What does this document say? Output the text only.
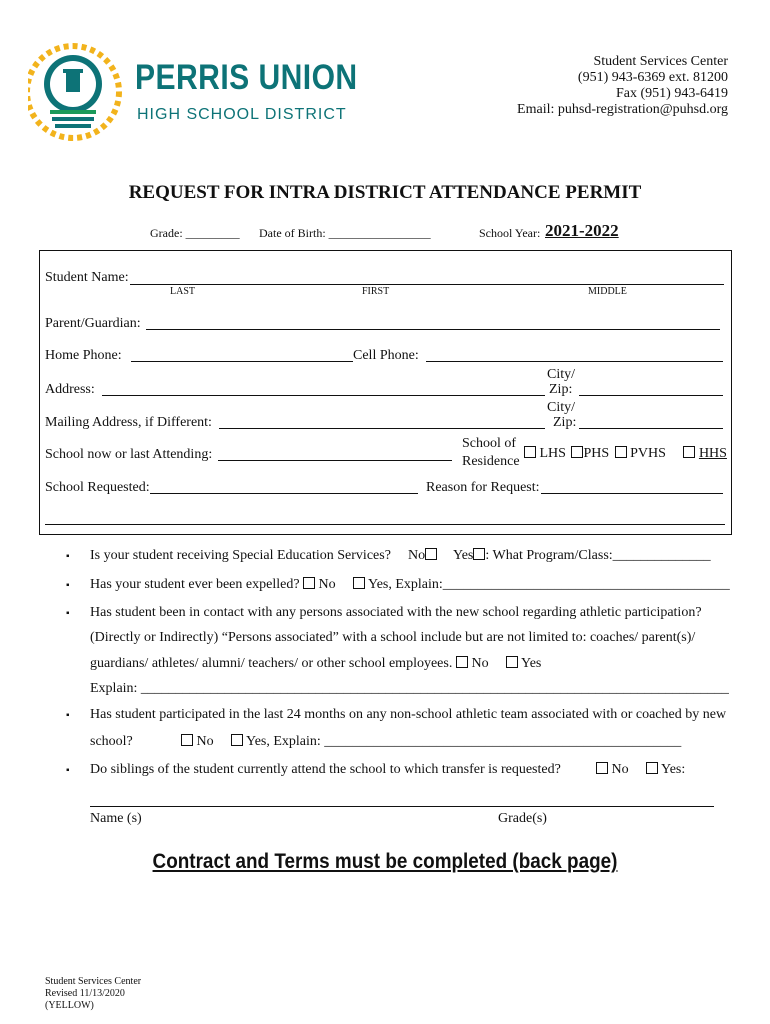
PERRIS UNION
HIGH SCHOOL DISTRICT
Student Services Center
(951) 943-6369 ext. 81200
Fax (951) 943-6419
Email: puhsd-registration@puhsd.org
REQUEST FOR INTRA DISTRICT ATTENDANCE PERMIT
Grade: _________ Date of Birth: _________________	School Year: 2021-2022
Student Name:
LAST	FIRST	MIDDLE
Parent/Guardian:
Home Phone:	Cell Phone:
Address:
City/
Zip:
Mailing Address, if Different:
City/
Zip:
School now or last Attending:
School of
Residence
LHS PHS PVHS HHS
School Requested:	Reason for Request:
▪ Is your student receiving Special Education Services? No	Yes : What Program/Class:______________
▪ Has your student ever been expelled?	No	Yes, Explain:_________________________________________
▪ Has student been in contact with any persons associated with the new school regarding athletic participation?
(Directly or Indirectly) “Persons associated” with a school include but are not limited to: coaches/ parent(s)/
guardians/ athletes/ alumni/ teachers/ or other school employees.	No	Yes
Explain: ____________________________________________________________________________________
▪ Has student participated in the last 24 months on any non-school athletic team associated with or coached by new
school?	No	Yes, Explain: ___________________________________________________
▪ Do siblings of the student currently attend the school to which transfer is requested?	No	Yes:
Name (s)	Grade(s)
Contract and Terms must be completed (back page)
Student Services Center
Revised 11/13/2020
(YELLOW)
